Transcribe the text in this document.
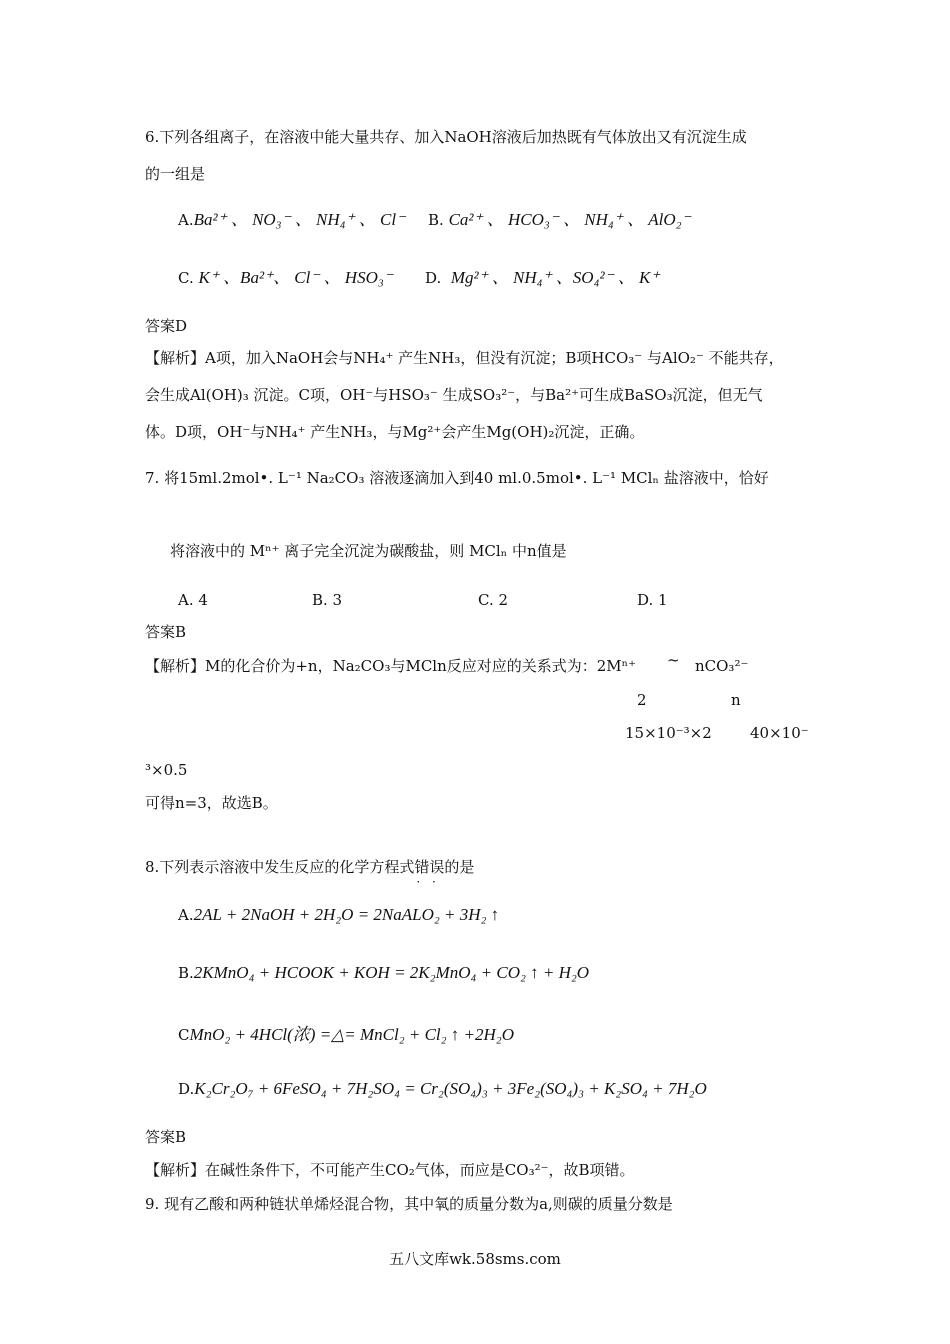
6.下列各组离子，在溶液中能大量共存、加入NaOH溶液后加热既有气体放出又有沉淀生成
的一组是
A.Ba²⁺ 、 NO₃⁻ 、 NH₄⁺ 、 Cl⁻ B. Ca²⁺ 、 HCO₃⁻ 、 NH₄⁺ 、 AlO₂⁻
C. K⁺ 、Ba²⁺、 Cl⁻ 、 HSO₃⁻ D. Mg²⁺ 、 NH₄⁺ 、SO₄²⁻ 、 K⁺
答案D
【解析】A项，加入NaOH会与NH₄⁺ 产生NH₃，但没有沉淀；B项HCO₃⁻ 与AlO₂⁻ 不能共存，
会生成Al(OH)₃ 沉淀。C项，OH⁻与HSO₃⁻ 生成SO₃²⁻，与Ba²⁺可生成BaSO₃沉淀，但无气
体。D项，OH⁻与NH₄⁺ 产生NH₃，与Mg²⁺会产生Mg(OH)₂沉淀，正确。
7. 将15ml.2mol•. L⁻¹ Na₂CO₃ 溶液逐滴加入到40 ml.0.5mol•. L⁻¹ MClₙ 盐溶液中，恰好
将溶液中的 Mⁿ⁺ 离子完全沉淀为碳酸盐，则 MClₙ 中n值是
A. 4	B. 3	C. 2	D. 1
答案B
【解析】M的化合价为+n，Na₂CO₃与MCln反应对应的关系式为：2Mⁿ⁺ ~ nCO₃²⁻
2	n
15×10⁻³×2	40×10⁻
³×0.5
可得n=3，故选B。
8.下列表示溶液中发生反应的化学方程式错误 · ·的是
A.2AL + 2NaOH + 2H₂O = 2NaALO₂ + 3H₂ ↑
B.2KMnO₄ + HCOOK + KOH = 2K₂MnO₄ + CO₂ ↑ + H₂O
CMnO₂ + 4HCl(浓) =△= MnCl₂ + Cl₂ ↑ +2H₂O
D.K₂Cr₂O₇ + 6FeSO₄ + 7H₂SO₄ = Cr₂(SO₄)₃ + 3Fe₂(SO₄)₃ + K₂SO₄ + 7H₂O
答案B
【解析】在碱性条件下，不可能产生CO₂气体，而应是CO₃²⁻，故B项错。
9. 现有乙酸和两种链状单烯烃混合物，其中氧的质量分数为a,则碳的质量分数是
五八文库wk.58sms.com
